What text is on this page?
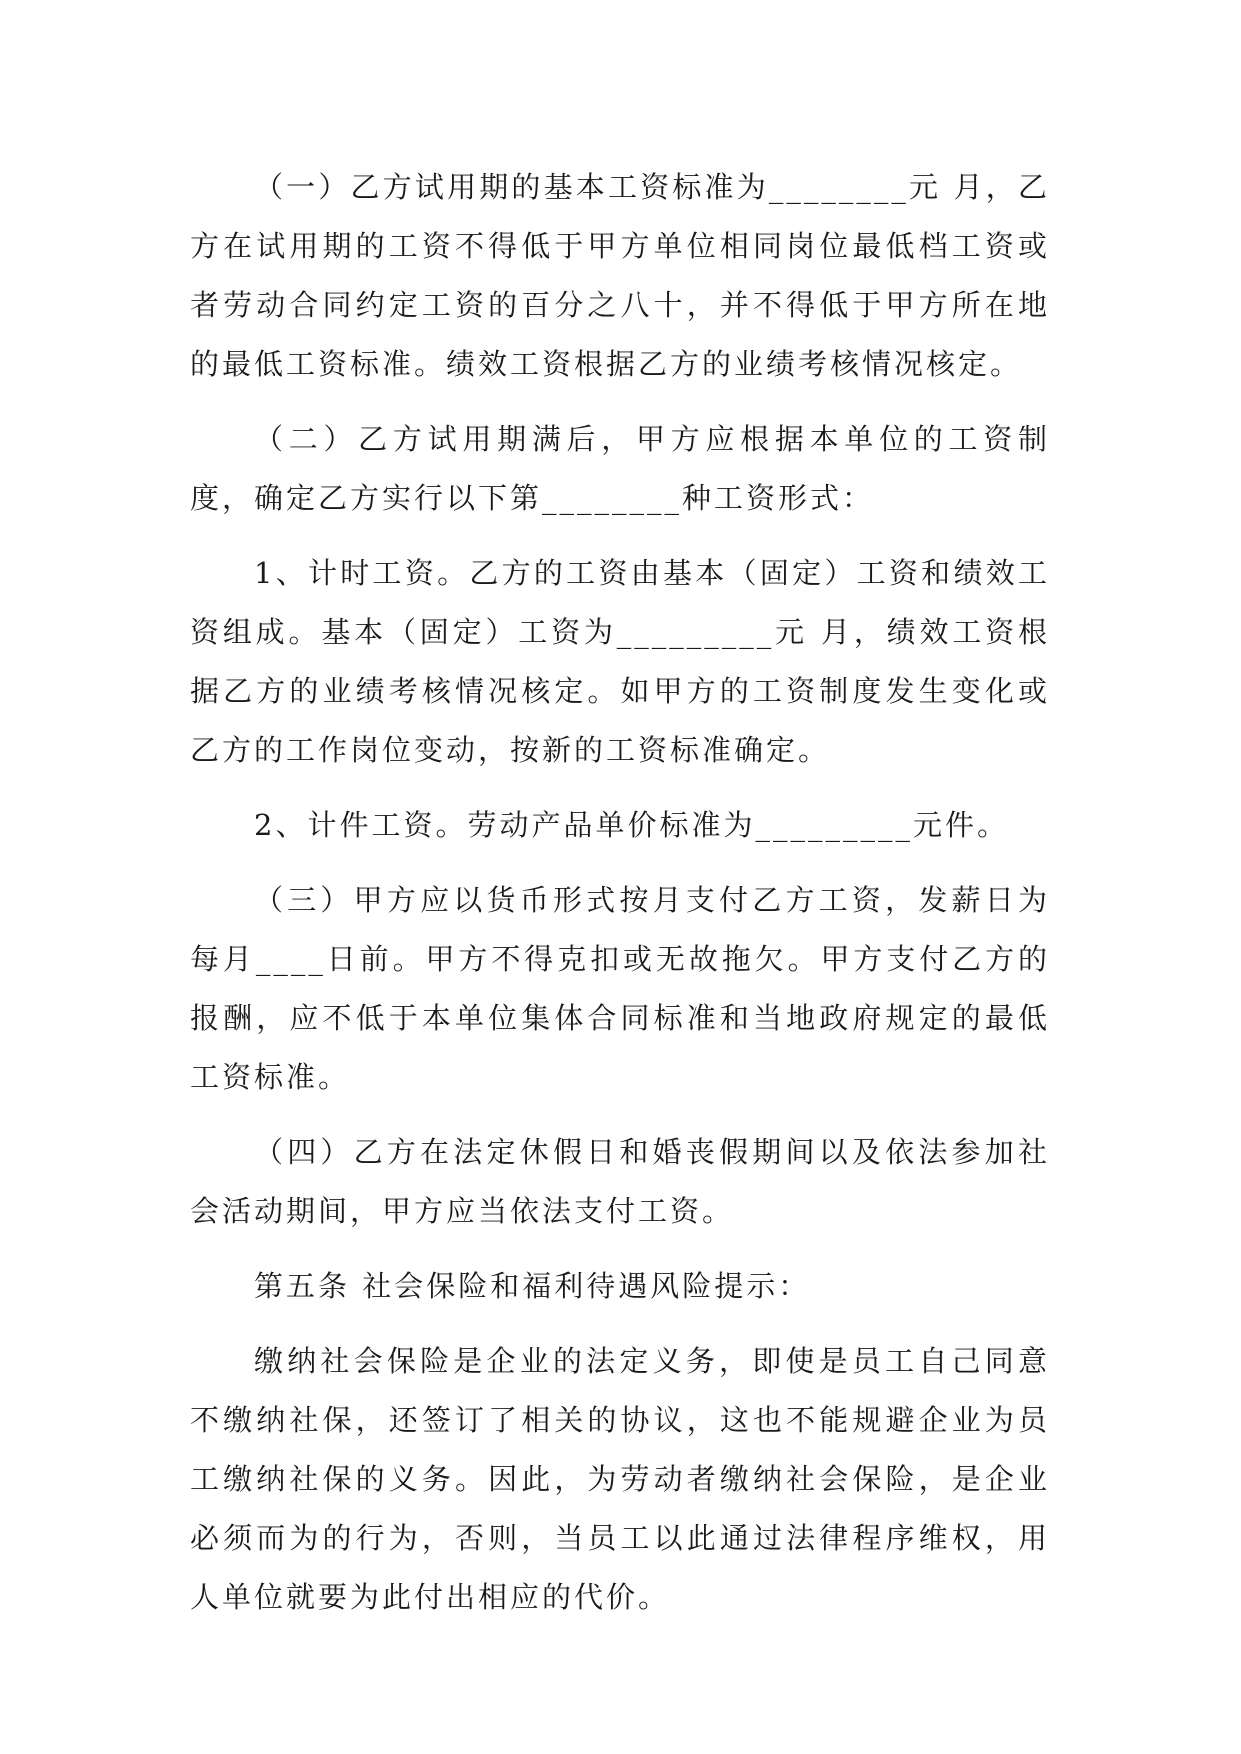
（一）乙方试用期的基本工资标准为________元 月，乙方在试用期的工资不得低于甲方单位相同岗位最低档工资或者劳动合同约定工资的百分之八十，并不得低于甲方所在地的最低工资标准。绩效工资根据乙方的业绩考核情况核定。

（二）乙方试用期满后，甲方应根据本单位的工资制度，确定乙方实行以下第________种工资形式：

1、计时工资。乙方的工资由基本（固定）工资和绩效工资组成。基本（固定）工资为_________元 月，绩效工资根据乙方的业绩考核情况核定。如甲方的工资制度发生变化或乙方的工作岗位变动，按新的工资标准确定。

2、计件工资。劳动产品单价标准为_________元件。

（三）甲方应以货币形式按月支付乙方工资，发薪日为每月____日前。甲方不得克扣或无故拖欠。甲方支付乙方的报酬，应不低于本单位集体合同标准和当地政府规定的最低工资标准。

（四）乙方在法定休假日和婚丧假期间以及依法参加社会活动期间，甲方应当依法支付工资。

第五条 社会保险和福利待遇风险提示：

缴纳社会保险是企业的法定义务，即使是员工自己同意不缴纳社保，还签订了相关的协议，这也不能规避企业为员工缴纳社保的义务。因此，为劳动者缴纳社会保险，是企业必须而为的行为，否则，当员工以此通过法律程序维权，用人单位就要为此付出相应的代价。
